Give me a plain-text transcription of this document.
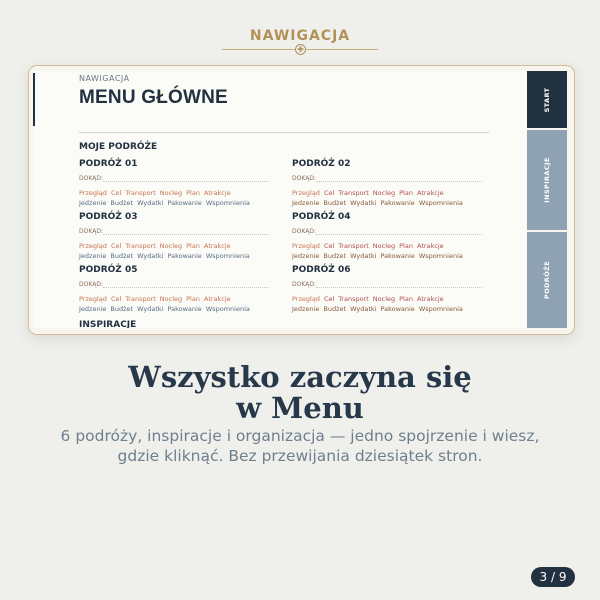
NAWIGACJA
✚
NAWIGACJA
MENU GŁÓWNE
MOJE PODRÓŻE
PODRÓŻ 01
DOKĄD:
Przegląd Cel Transport Nocleg Plan Atrakcje
Jedzenie Budżet Wydatki Pakowanie Wspomnienia
PODRÓŻ 02
DOKĄD:
Przegląd Cel Transport Nocleg Plan Atrakcje
Jedzenie Budżet Wydatki Pakowanie Wspomnienia
PODRÓŻ 03
DOKĄD:
Przegląd Cel Transport Nocleg Plan Atrakcje
Jedzenie Budżet Wydatki Pakowanie Wspomnienia
PODRÓŻ 04
DOKĄD:
Przegląd Cel Transport Nocleg Plan Atrakcje
Jedzenie Budżet Wydatki Pakowanie Wspomnienia
PODRÓŻ 05
DOKĄD:
Przegląd Cel Transport Nocleg Plan Atrakcje
Jedzenie Budżet Wydatki Pakowanie Wspomnienia
PODRÓŻ 06
DOKĄD:
Przegląd Cel Transport Nocleg Plan Atrakcje
Jedzenie Budżet Wydatki Pakowanie Wspomnienia
INSPIRACJE
START
INSPIRACJE
PODRÓŻE
Wszystko zaczyna się
w Menu
6 podróży, inspiracje i organizacja — jedno spojrzenie i wiesz, gdzie kliknąć. Bez przewijania dziesiątek stron.
3 / 9
